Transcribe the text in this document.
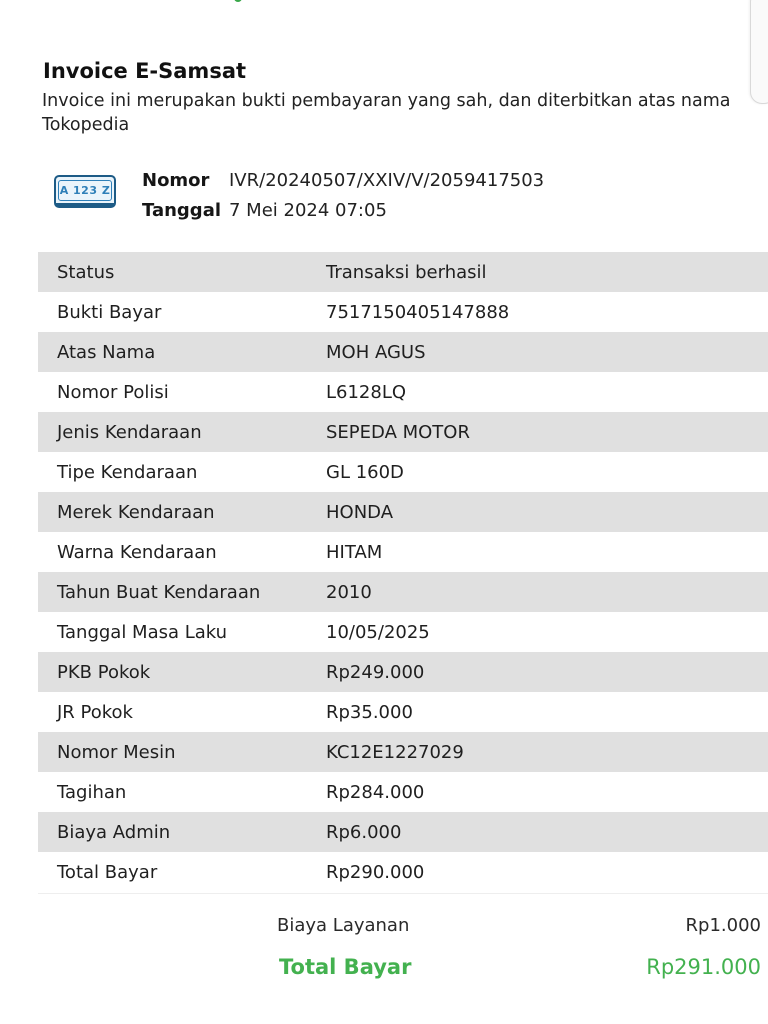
Invoice E-Samsat

Invoice ini merupakan bukti pembayaran yang sah, dan diterbitkan atas nama Tokopedia

A 123 Z Nomor IVR/20240507/XXIV/V/2059417503
Tanggal 7 Mei 2024 07:05
Status	Transaksi berhasil
Bukti Bayar	7517150405147888
Atas Nama	MOH AGUS
Nomor Polisi	L6128LQ
Jenis Kendaraan	SEPEDA MOTOR
Tipe Kendaraan	GL 160D
Merek Kendaraan	HONDA
Warna Kendaraan	HITAM
Tahun Buat Kendaraan	2010
Tanggal Masa Laku	10/05/2025
PKB Pokok	Rp249.000
JR Pokok	Rp35.000
Nomor Mesin	KC12E1227029
Tagihan	Rp284.000
Biaya Admin	Rp6.000
Total Bayar	Rp290.000
Biaya Layanan	Rp1.000
Total Bayar	Rp291.000
